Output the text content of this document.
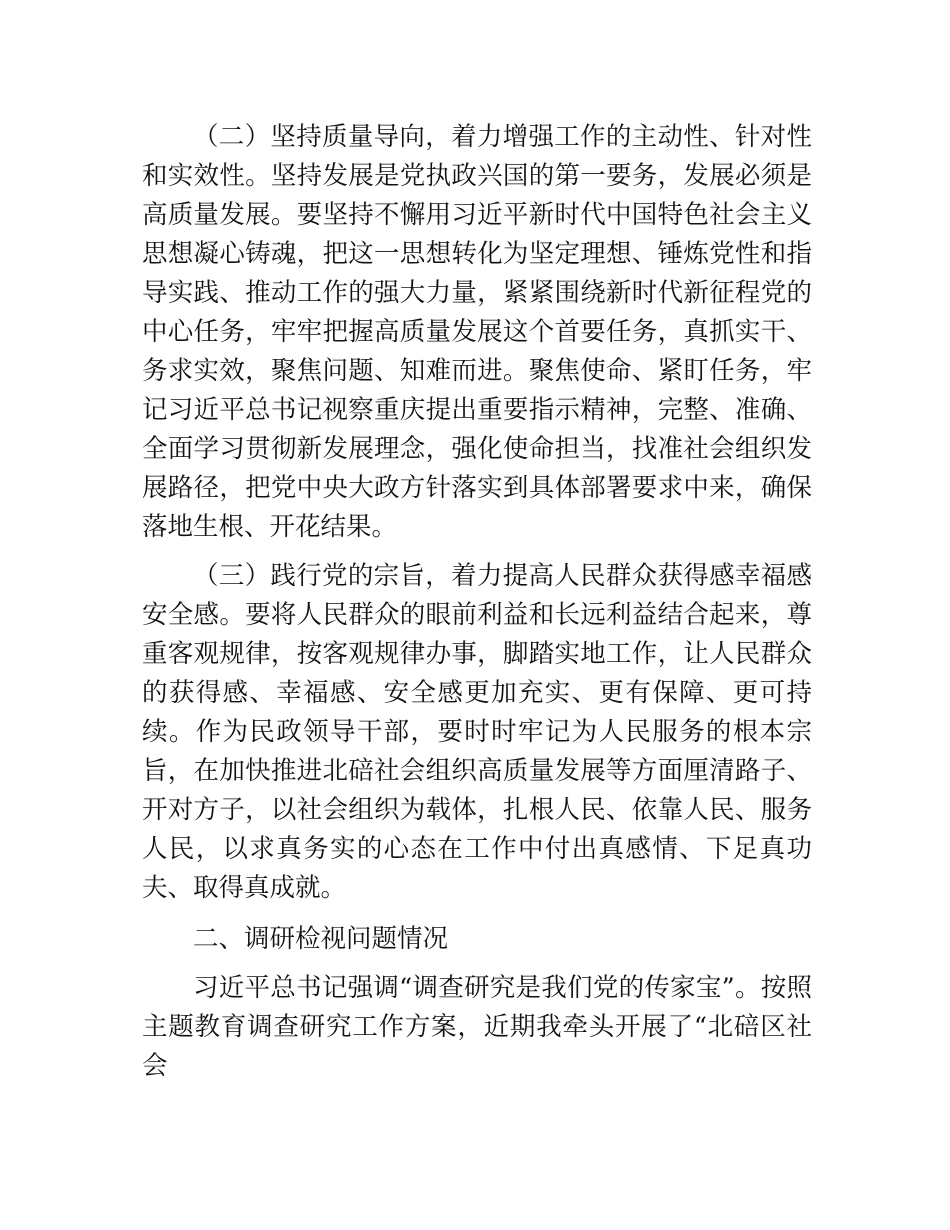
（二）坚持质量导向，着力增强工作的主动性、针对性和实效性。坚持发展是党执政兴国的第一要务，发展必须是高质量发展。要坚持不懈用习近平新时代中国特色社会主义思想凝心铸魂，把这一思想转化为坚定理想、锤炼党性和指导实践、推动工作的强大力量，紧紧围绕新时代新征程党的中心任务，牢牢把握高质量发展这个首要任务，真抓实干、务求实效，聚焦问题、知难而进。聚焦使命、紧盯任务，牢记习近平总书记视察重庆提出重要指示精神，完整、准确、全面学习贯彻新发展理念，强化使命担当，找准社会组织发展路径，把党中央大政方针落实到具体部署要求中来，确保落地生根、开花结果。

（三）践行党的宗旨，着力提高人民群众获得感幸福感安全感。要将人民群众的眼前利益和长远利益结合起来，尊重客观规律，按客观规律办事，脚踏实地工作，让人民群众的获得感、幸福感、安全感更加充实、更有保障、更可持续。作为民政领导干部，要时时牢记为人民服务的根本宗旨，在加快推进北碚社会组织高质量发展等方面厘清路子、开对方子，以社会组织为载体，扎根人民、依靠人民、服务人民，以求真务实的心态在工作中付出真感情、下足真功夫、取得真成就。

二、调研检视问题情况

习近平总书记强调“调查研究是我们党的传家宝”。按照主题教育调查研究工作方案，近期我牵头开展了“北碚区社会
